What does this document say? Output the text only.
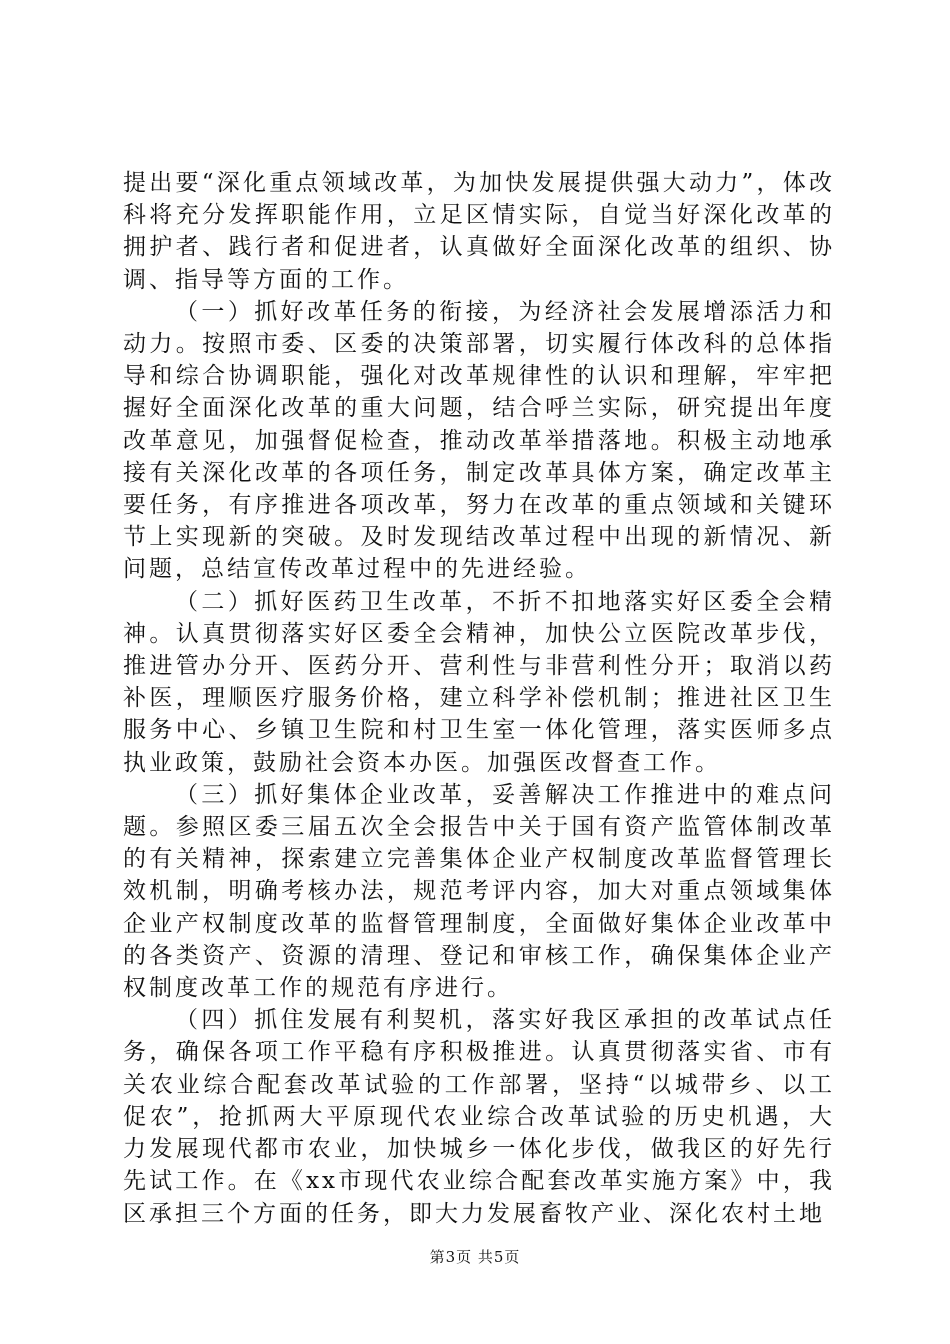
提出要“深化重点领域改革，为加快发展提供强大动力”，体改科将充分发挥职能作用，立足区情实际，自觉当好深化改革的拥护者、践行者和促进者，认真做好全面深化改革的组织、协调、指导等方面的工作。

（一）抓好改革任务的衔接，为经济社会发展增添活力和动力。按照市委、区委的决策部署，切实履行体改科的总体指导和综合协调职能，强化对改革规律性的认识和理解，牢牢把握好全面深化改革的重大问题，结合呼兰实际，研究提出年度改革意见，加强督促检查，推动改革举措落地。积极主动地承接有关深化改革的各项任务，制定改革具体方案，确定改革主要任务，有序推进各项改革，努力在改革的重点领域和关键环节上实现新的突破。及时发现结改革过程中出现的新情况、新问题，总结宣传改革过程中的先进经验。

（二）抓好医药卫生改革，不折不扣地落实好区委全会精神。认真贯彻落实好区委全会精神，加快公立医院改革步伐，推进管办分开、医药分开、营利性与非营利性分开；取消以药补医，理顺医疗服务价格，建立科学补偿机制；推进社区卫生服务中心、乡镇卫生院和村卫生室一体化管理，落实医师多点执业政策，鼓励社会资本办医。加强医改督查工作。

（三）抓好集体企业改革，妥善解决工作推进中的难点问题。参照区委三届五次全会报告中关于国有资产监管体制改革的有关精神，探索建立完善集体企业产权制度改革监督管理长效机制，明确考核办法，规范考评内容，加大对重点领域集体企业产权制度改革的监督管理制度，全面做好集体企业改革中的各类资产、资源的清理、登记和审核工作，确保集体企业产权制度改革工作的规范有序进行。

（四）抓住发展有利契机，落实好我区承担的改革试点任务，确保各项工作平稳有序积极推进。认真贯彻落实省、市有关农业综合配套改革试验的工作部署，坚持“以城带乡、以工促农”，抢抓两大平原现代农业综合改革试验的历史机遇，大力发展现代都市农业，加快城乡一体化步伐，做我区的好先行先试工作。在《xx市现代农业综合配套改革实施方案》中，我区承担三个方面的任务，即大力发展畜牧产业、深化农村土地

第3页 共5页
